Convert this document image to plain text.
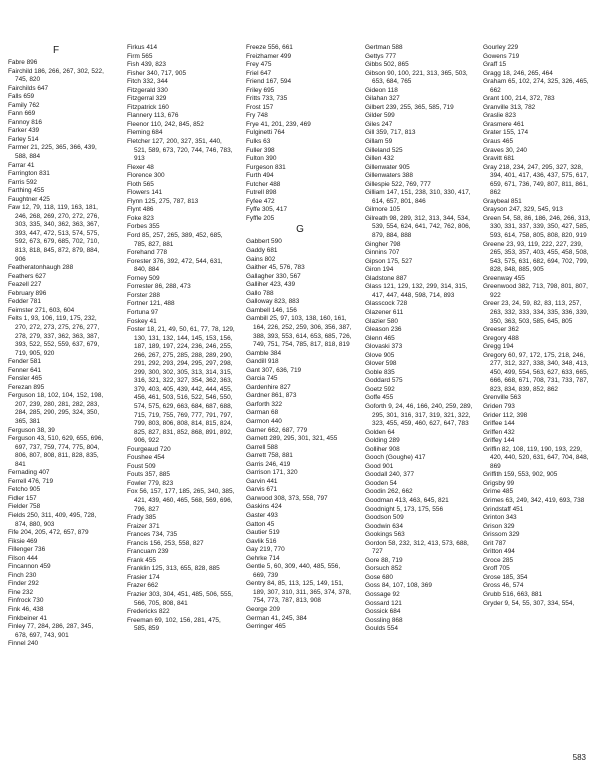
F
Fabre 896
Fairchild 186, 266, 267, 302, 522, 745, 820
Fairchilds 647
Falls 659
Family 762
Fann 669
Fannoy 816
Farker 439
Farley 514
Farmer 21, 225, 365, 366, 439, 588, 884
Farrar 41
Farrington 831
Farris 592
Farthing 455
Faughtner 425
Faw 12, 79, 118, 119, 163, 181, 246, 268, 269, 270, 272, 276, 303, 335, 340, 362, 363, 367, 393, 447, 472, 513, 574, 575, 592, 673, 679, 685, 702, 710, 813, 818, 845, 872, 879, 884, 906
Featheratonhaugh 288
Feathers 627
Feazell 227
February 896
Fedder 781
Feimster 271, 603, 604
Felts 1, 93, 106, 119, 175, 232, 270, 272, 273, 275, 276, 277, 278, 279, 337, 362, 363, 387, 393, 522, 552, 559, 637, 679, 719, 905, 920
Fender 581
Fenner 641
Fensler 465
Ferezan 895
Ferguson 18, 102, 104, 152, 198, 207, 239, 280, 281, 282, 283, 284, 285, 290, 295, 324, 350, 365, 381
Ferguson 38, 39
Ferguson 43, 510, 629, 655, 696, 697, 737, 759, 774, 775, 804, 806, 807, 808, 811, 828, 835, 841
Fernading 407
Ferrell 476, 719
Fetcho 905
Fidler 157
Fielder 758
Fields 250, 311, 409, 495, 728, 874, 880, 903
Fife 204, 205, 472, 657, 879
Fiksie 469
Fillenger 736
Filson 444
Fincannon 459
Finch 230
Finder 292
Fine 232
Finfrock 730
Fink 46, 438
Finkbeiner 41
Finley 77, 284, 286, 287, 345, 678, 697, 743, 901
Finnel 240
Firkus 414
Firm 565
Fish 439, 823
Fisher 340, 717, 905
Fitch 332, 344
Fitzgerald 330
Fitzgerral 329
Fitzpatrick 160
Flannery 113, 676
Fleenor 110, 242, 845, 852
Fleming 684
Fletcher 127, 200, 327, 351, 440, 521, 589, 673, 720, 744, 746, 783, 913
Flexer 48
Florence 300
Floth 565
Flowers 141
Flynn 125, 275, 787, 813
Flynt 486
Foke 823
Forbes 355
Ford 85, 257, 265, 389, 452, 685, 785, 827, 881
Forehand 778
Forester 376, 392, 472, 544, 631, 840, 884
Forney 509
Forrester 86, 288, 473
Forster 288
Fortner 121, 488
Fortuna 97
Foskey 41
Foster 18, 21, 49, 50, 61, 77, 78, 129, 130, 131, 132, 144, 145, 153, 156, 187, 189, 197, 224, 236, 246, 255, 266, 267, 275, 285, 288, 289, 290, 291, 292, 293, 294, 295, 297, 298, 299, 300, 302, 305, 313, 314, 315, 316, 321, 322, 327, 354, 362, 363, 379, 403, 405, 439, 442, 444, 455, 456, 461, 503, 516, 522, 546, 550, 574, 575, 629, 663, 684, 687, 688, 715, 719, 755, 769, 777, 791, 797, 799, 803, 806, 808, 814, 815, 824, 825, 827, 831, 852, 868, 891, 892, 906, 922
Fourgeaud 720
Foushee 454
Foust 509
Fouts 357, 885
Fowler 779, 823
Fox 56, 157, 177, 185, 265, 340, 385, 421, 439, 460, 465, 568, 569, 696, 796, 827
Frady 385
Fraizer 371
Frances 734, 735
Francis 156, 253, 558, 827
Francuam 239
Frank 455
Franklin 125, 313, 655, 828, 885
Frasier 174
Frazer 662
Frazier 303, 304, 451, 485, 506, 555, 566, 705, 808, 841
Fredericks 822
Freeman 69, 102, 156, 281, 475, 585, 859
Freeze 556, 661
Freizhamer 499
Frey 475
Friel 647
Friend 167, 594
Friley 695
Fritts 733, 735
Frost 157
Fry 748
Frye 41, 201, 239, 469
Fulginetti 764
Fulks 63
Fuller 398
Fulton 390
Furgeson 831
Furth 494
Futcher 488
Futrell 898
Fyfee 472
Fyffe 305, 417
Fyffle 205
G
Gabbert 590
Gaddy 681
Gains 802
Gaither 45, 576, 783
Gallagher 330, 567
Galliher 423, 439
Gallo 788
Galloway 823, 883
Gambell 146, 156
Gambill 25, 97, 103, 138, 160, 161, 164, 226, 252, 259, 306, 356, 387, 388, 393, 553, 614, 653, 685, 726, 749, 751, 754, 785, 817, 818, 819
Gamble 384
Gandill 918
Gant 307, 636, 719
Garcia 745
Gardenhire 827
Gardner 861, 873
Garforth 322
Garman 68
Garmon 440
Garner 662, 687, 779
Garnett 289, 295, 301, 321, 455
Garrell 588
Garrett 758, 881
Garris 246, 419
Garrison 171, 320
Garvin 441
Garvis 671
Garwood 308, 373, 558, 797
Gaskins 424
Gaster 493
Gatton 45
Gautier 519
Gavlik 516
Gay 219, 770
Gehrke 714
Gentle 5, 60, 309, 440, 485, 556, 669, 739
Gentry 84, 85, 113, 125, 149, 151, 189, 307, 310, 311, 365, 374, 378, 754, 773, 787, 813, 908
George 209
German 41, 245, 384
Gerringer 465
Gertman 588
Gettys 777
Gibbs 502, 865
Gibson 90, 100, 221, 313, 365, 503, 653, 684, 765
Gideon 118
Gilahan 327
Gilbert 239, 255, 365, 585, 719
Gilder 599
Giles 247
Gill 359, 717, 813
Gillam 59
Gilleland 525
Gillen 432
Gillenwater 905
Gillenwaters 388
Gillespie 522, 769, 777
Gilliam 147, 151, 238, 310, 330, 417, 614, 657, 801, 846
Gilmore 105
Gilreath 98, 289, 312, 313, 344, 534, 539, 554, 624, 641, 742, 762, 806, 879, 884, 888
Gingher 798
Ginnins 707
Gipson 175, 527
Giron 194
Gladstone 887
Glass 121, 129, 132, 299, 314, 315, 417, 447, 448, 598, 714, 893
Glasscock 728
Glazener 611
Glazier 580
Gleason 236
Glenn 465
Glovaski 373
Glove 905
Glover 598
Goble 835
Goddard 575
Goetz 592
Goffe 455
Goforth 9, 24, 46, 166, 240, 259, 289, 295, 301, 316, 317, 319, 321, 322, 323, 455, 459, 460, 627, 647, 783
Golden 64
Golding 289
Golliher 908
Gooch (Goughe) 417
Good 901
Goodall 240, 377
Gooden 54
Goodin 262, 662
Goodman 413, 463, 645, 821
Goodnight 5, 173, 175, 556
Goodson 509
Goodwin 634
Gookings 563
Gordon 58, 232, 312, 413, 573, 688, 727
Gore 88, 719
Gorsuch 852
Gose 680
Goss 84, 107, 108, 369
Gossage 92
Gossard 121
Gossick 684
Gossling 868
Goulds 554
Gourley 229
Gowens 719
Graff 15
Gragg 18, 246, 265, 464
Graham 65, 102, 274, 325, 326, 465, 662
Grant 100, 214, 372, 783
Granville 313, 782
Graslie 823
Grasmere 461
Grater 155, 174
Graus 465
Graves 30, 240
Gravitt 681
Gray 218, 234, 247, 295, 327, 328, 394, 401, 417, 436, 437, 575, 617, 659, 671, 736, 749, 807, 811, 861, 862
Graybeal 851
Grayson 247, 329, 545, 913
Green 54, 58, 86, 186, 246, 266, 313, 330, 331, 337, 339, 350, 427, 585, 593, 614, 758, 805, 808, 820, 919
Greene 23, 93, 119, 222, 227, 239, 265, 353, 357, 403, 455, 458, 508, 543, 575, 631, 682, 694, 702, 799, 828, 848, 885, 905
Greenway 455
Greenwood 382, 713, 798, 801, 807, 922
Greer 23, 24, 59, 82, 83, 113, 257, 263, 332, 333, 334, 335, 336, 339, 350, 363, 503, 585, 645, 805
Greeser 362
Gregory 488
Gregg 194
Gregory 60, 97, 172, 175, 218, 246, 277, 312, 327, 338, 340, 348, 413, 450, 499, 554, 563, 627, 633, 665, 666, 668, 671, 708, 731, 733, 787, 823, 834, 839, 852, 862
Grenville 563
Griden 793
Grider 112, 398
Griffee 144
Griffen 432
Griffey 144
Griffin 82, 108, 119, 190, 193, 229, 420, 440, 520, 631, 647, 704, 848, 869
Griffith 159, 553, 902, 905
Grigsby 99
Grime 485
Grimes 63, 249, 342, 419, 693, 738
Grindstaff 451
Grinton 343
Grison 329
Grissom 329
Grit 787
Gritton 494
Groce 285
Groff 705
Grose 185, 354
Gross 46, 574
Grubb 516, 663, 881
Gryder 9, 54, 55, 307, 334, 554,
583
